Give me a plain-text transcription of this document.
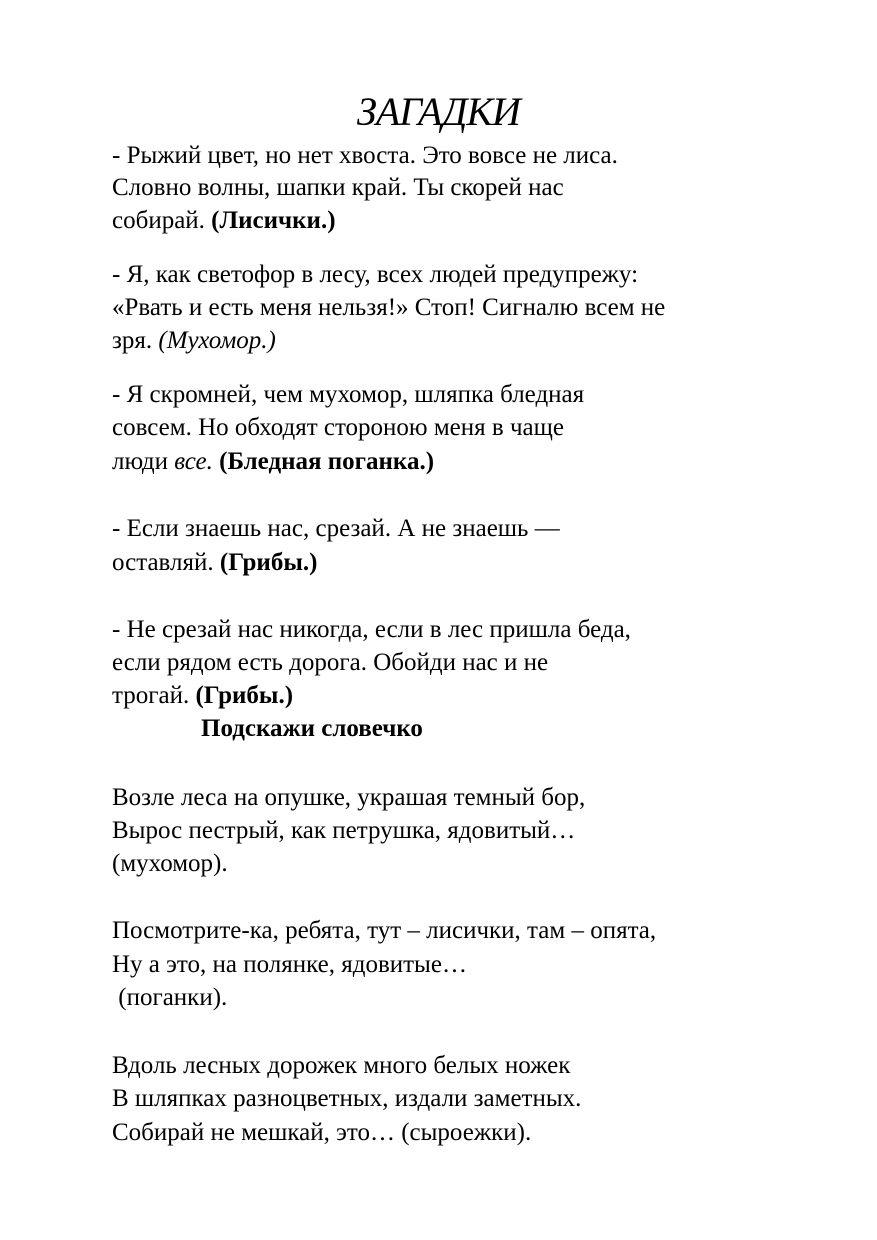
ЗАГАДКИ
- Рыжий цвет, но нет хвоста. Это вовсе не лиса.
Словно волны, шапки край. Ты скорей нас
собирай. (Лисички.)
- Я, как светофор в лесу, всех людей предупрежу:
«Рвать и есть меня нельзя!» Стоп! Сигналю всем не
зря. (Мухомор.)
- Я скромней, чем мухомор, шляпка бледная
совсем. Но обходят стороною меня в чаще
люди все. (Бледная поганка.)
- Если знаешь нас, срезай. А не знаешь —
оставляй. (Грибы.)
- Не срезай нас никогда, если в лес пришла беда,
если рядом есть дорога. Обойди нас и не
трогай. (Грибы.)
Подскажи словечко
Возле леса на опушке, украшая темный бор,
Вырос пестрый, как петрушка, ядовитый…
(мухомор).
Посмотрите-ка, ребята, тут – лисички, там – опята,
Ну а это, на полянке, ядовитые…
(поганки).
Вдоль лесных дорожек много белых ножек
В шляпках разноцветных, издали заметных.
Собирай не мешкай, это… (сыроежки).
